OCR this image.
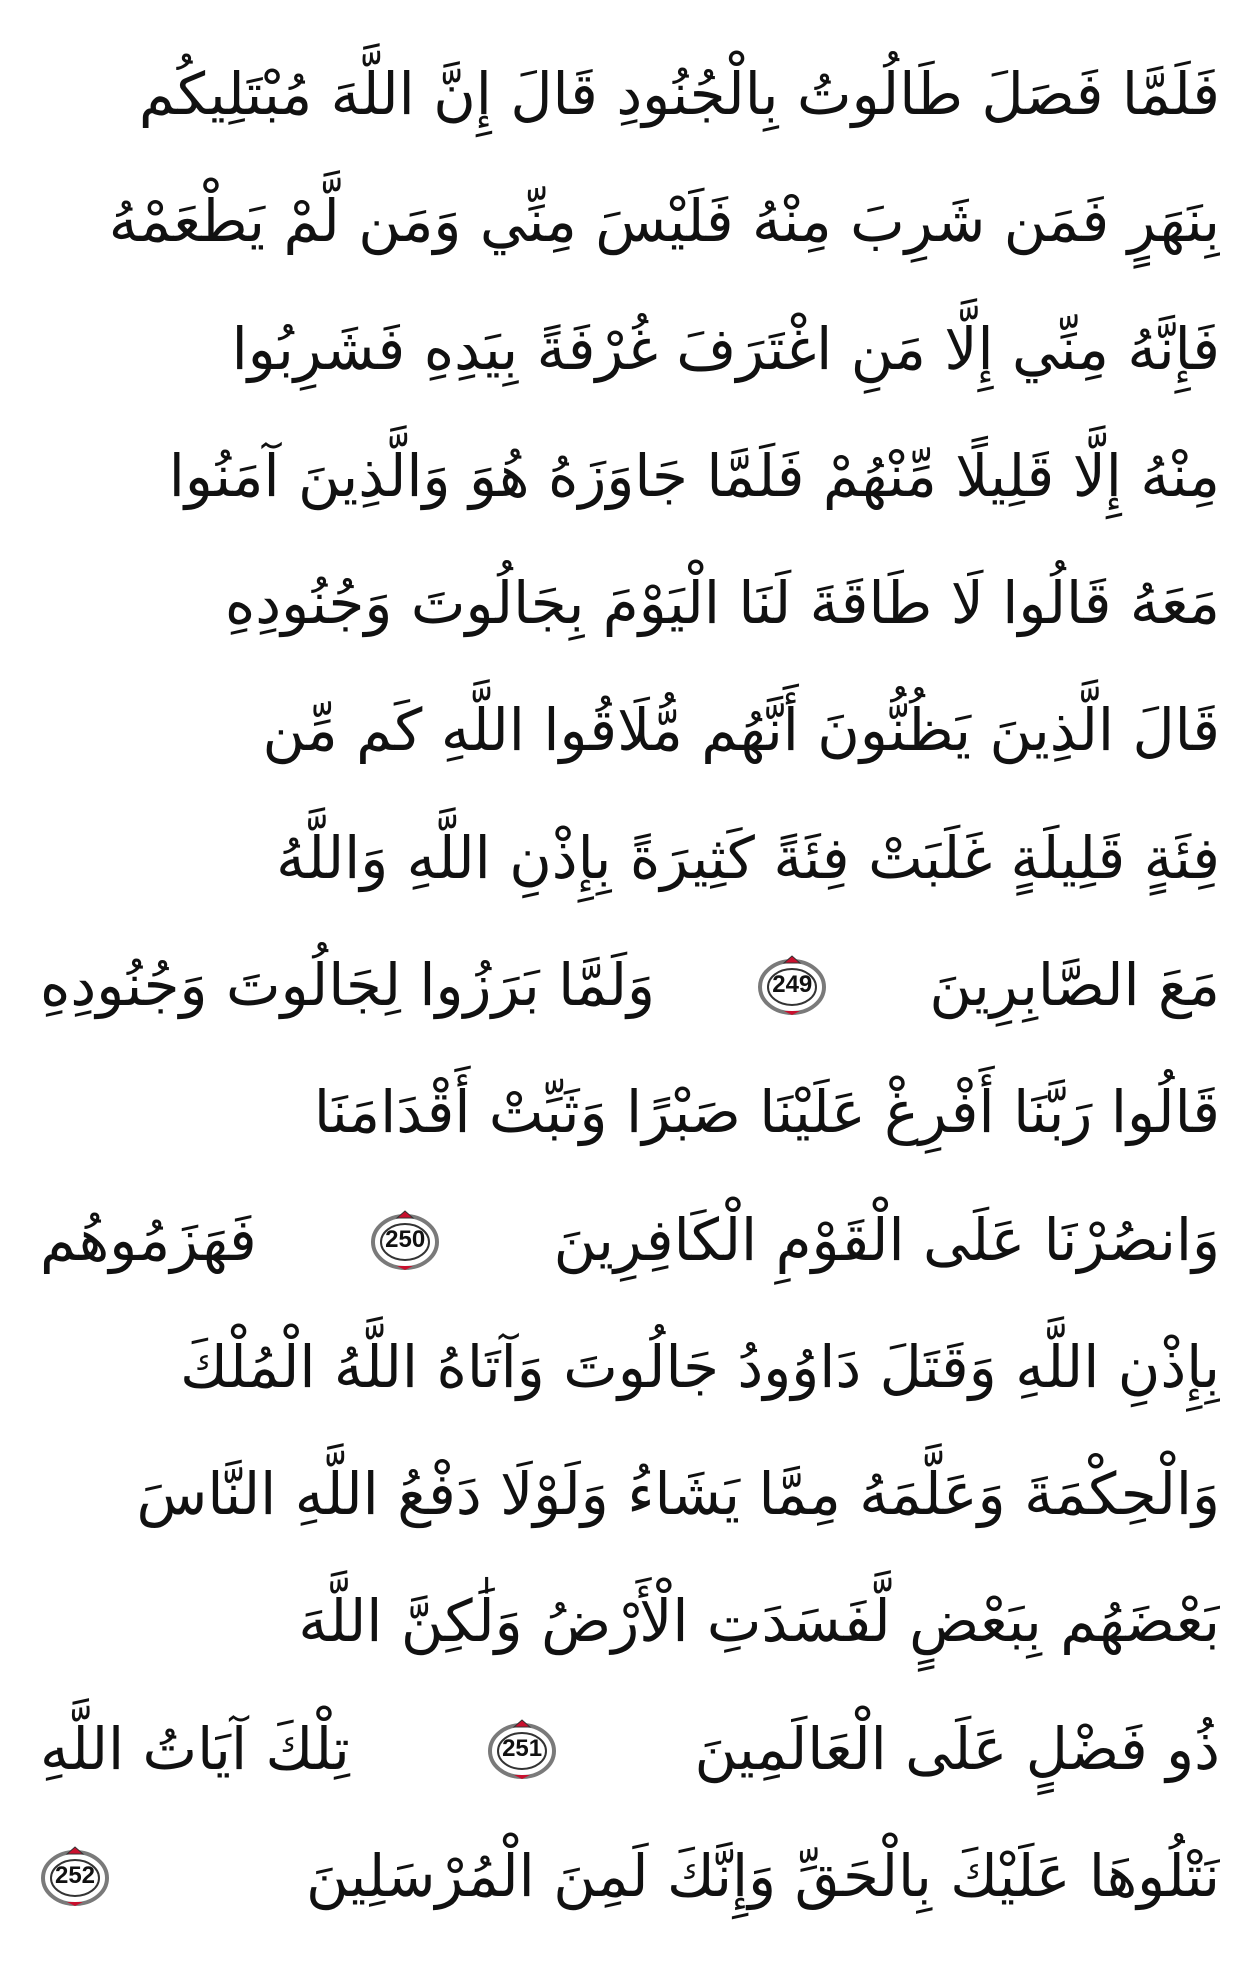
فَلَمَّا فَصَلَ طَالُوتُ بِالْجُنُودِ قَالَ إِنَّ اللَّهَ مُبْتَلِيكُم
بِنَهَرٍ فَمَن شَرِبَ مِنْهُ فَلَيْسَ مِنِّي وَمَن لَّمْ يَطْعَمْهُ
فَإِنَّهُ مِنِّي إِلَّا مَنِ اغْتَرَفَ غُرْفَةً بِيَدِهِ فَشَرِبُوا
مِنْهُ إِلَّا قَلِيلًا مِّنْهُمْ فَلَمَّا جَاوَزَهُ هُوَ وَالَّذِينَ آمَنُوا
مَعَهُ قَالُوا لَا طَاقَةَ لَنَا الْيَوْمَ بِجَالُوتَ وَجُنُودِهِ
قَالَ الَّذِينَ يَظُنُّونَ أَنَّهُم مُّلَاقُوا اللَّهِ كَم مِّن
فِئَةٍ قَلِيلَةٍ غَلَبَتْ فِئَةً كَثِيرَةً بِإِذْنِ اللَّهِ وَاللَّهُ
مَعَ الصَّابِرِينَ
249
وَلَمَّا بَرَزُوا لِجَالُوتَ وَجُنُودِهِ
قَالُوا رَبَّنَا أَفْرِغْ عَلَيْنَا صَبْرًا وَثَبِّتْ أَقْدَامَنَا
وَانصُرْنَا عَلَى الْقَوْمِ الْكَافِرِينَ
250
فَهَزَمُوهُم
بِإِذْنِ اللَّهِ وَقَتَلَ دَاوُودُ جَالُوتَ وَآتَاهُ اللَّهُ الْمُلْكَ
وَالْحِكْمَةَ وَعَلَّمَهُ مِمَّا يَشَاءُ وَلَوْلَا دَفْعُ اللَّهِ النَّاسَ
بَعْضَهُم بِبَعْضٍ لَّفَسَدَتِ الْأَرْضُ وَلَٰكِنَّ اللَّهَ
ذُو فَضْلٍ عَلَى الْعَالَمِينَ
251
تِلْكَ آيَاتُ اللَّهِ
نَتْلُوهَا عَلَيْكَ بِالْحَقِّ وَإِنَّكَ لَمِنَ الْمُرْسَلِينَ
252
